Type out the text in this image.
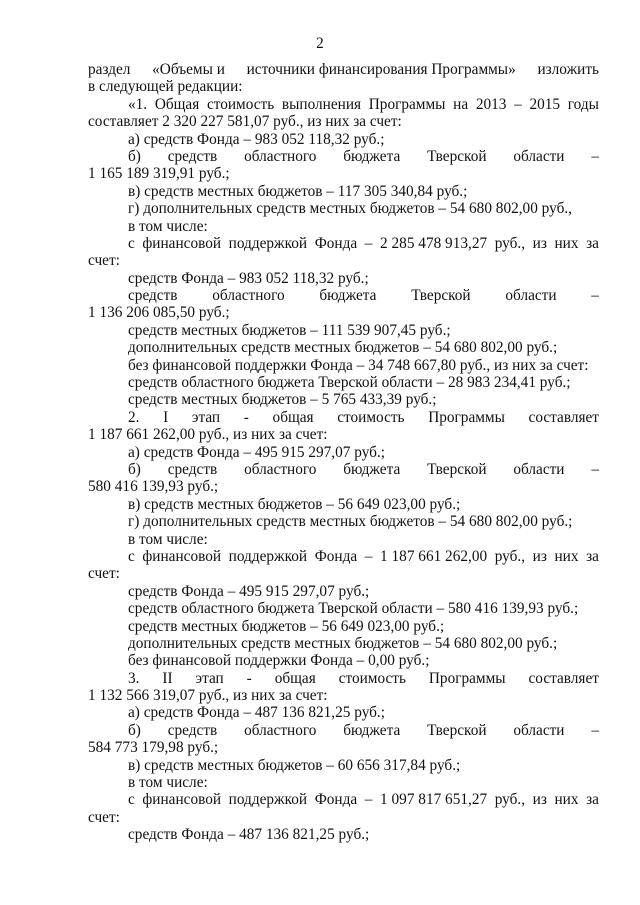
2
раздел «Объемы и источники финансирования Программы» изложить
в следующей редакции:
«1. Общая стоимость выполнения Программы на 2013 – 2015 годы
составляет 2 320 227 581,07 руб., из них за счет:
а) средств Фонда – 983 052 118,32 руб.;
б) средств областного бюджета Тверской области –
1 165 189 319,91 руб.;
в) средств местных бюджетов – 117 305 340,84 руб.;
г) дополнительных средств местных бюджетов – 54 680 802,00 руб.,
в том числе:
с финансовой поддержкой Фонда – 2 285 478 913,27 руб., из них за
счет:
средств Фонда – 983 052 118,32 руб.;
средств областного бюджета Тверской области –
1 136 206 085,50 руб.;
средств местных бюджетов – 111 539 907,45 руб.;
дополнительных средств местных бюджетов – 54 680 802,00 руб.;
без финансовой поддержки Фонда – 34 748 667,80 руб., из них за счет:
средств областного бюджета Тверской области – 28 983 234,41 руб.;
средств местных бюджетов – 5 765 433,39 руб.;
2. I этап - общая стоимость Программы составляет
1 187 661 262,00 руб., из них за счет:
а) средств Фонда – 495 915 297,07 руб.;
б) средств областного бюджета Тверской области –
580 416 139,93 руб.;
в) средств местных бюджетов – 56 649 023,00 руб.;
г) дополнительных средств местных бюджетов – 54 680 802,00 руб.;
в том числе:
с финансовой поддержкой Фонда – 1 187 661 262,00 руб., из них за
счет:
средств Фонда – 495 915 297,07 руб.;
средств областного бюджета Тверской области – 580 416 139,93 руб.;
средств местных бюджетов – 56 649 023,00 руб.;
дополнительных средств местных бюджетов – 54 680 802,00 руб.;
без финансовой поддержки Фонда – 0,00 руб.;
3. II этап - общая стоимость Программы составляет
1 132 566 319,07 руб., из них за счет:
а) средств Фонда – 487 136 821,25 руб.;
б) средств областного бюджета Тверской области –
584 773 179,98 руб.;
в) средств местных бюджетов – 60 656 317,84 руб.;
в том числе:
с финансовой поддержкой Фонда – 1 097 817 651,27 руб., из них за
счет:
средств Фонда – 487 136 821,25 руб.;
